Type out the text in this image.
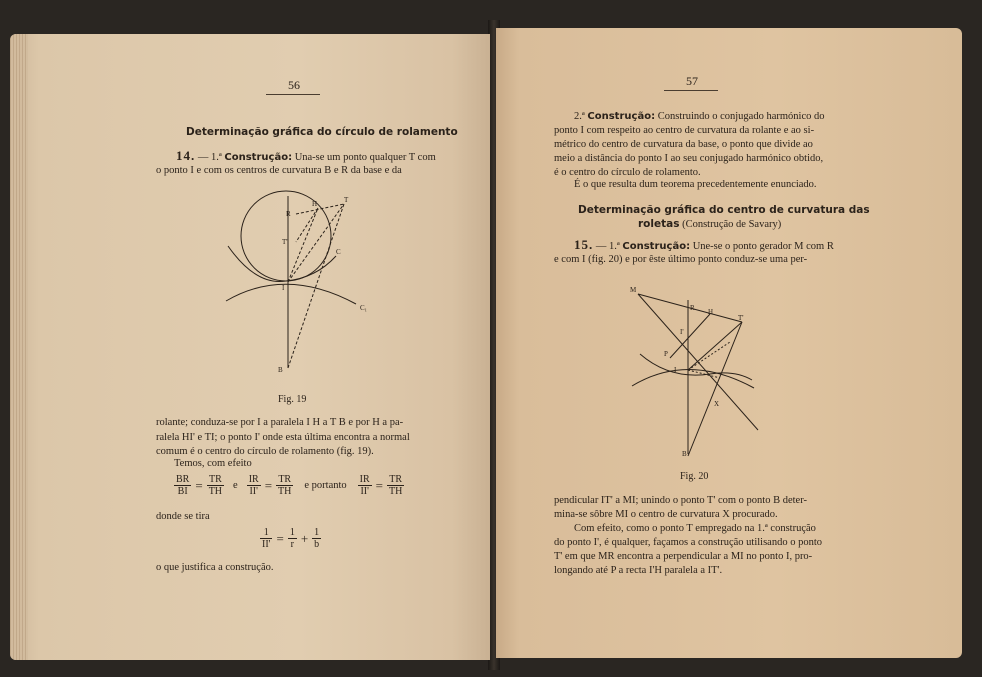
56
Determinação gráfica do círculo de rolamento
14. — 1.ª Construção: Una-se um ponto qualquer T com
o ponto I e com os centros de curvatura B e R da base e da
R
H	T
T'
C
I
C₁
B
Fig. 19
rolante; conduza-se por I a paralela I H a T B e por H a pa-
ralela HI' e TI; o ponto I' onde esta última encontra a normal
comum é o centro do círculo de rolamento (fig. 19).
Temos, com efeito
$\frac{BR}{BI} = \frac{TR}{TH}$ e $\frac{IR}{II'} = \frac{TR}{TH}$	e portanto	$\frac{IR}{II'} = \frac{TR}{TH}$
donde se tira
$\frac{1}{II'} = \frac{1}{r} + \frac{1}{b}$
o que justifica a construção.
57
2.ª Construção: Construindo o conjugado harmónico do
ponto I com respeito ao centro de curvatura da rolante e ao si-
métrico do centro de curvatura da base, o ponto que divide ao
meio a distância do ponto I ao seu conjugado harmónico obtido,
é o centro do círculo de rolamento.
É o que resulta dum teorema precedentemente enunciado.
Determinação gráfica do centro de curvatura das
roletas (Construção de Savary)
15. — 1.ª Construção: Une-se o ponto gerador M com R
e com I (fig. 20) e por êste último ponto conduz-se uma per-
M
R H
T'
I'
P
I
X
B
Fig. 20
pendicular IT' a MI; unindo o ponto T' com o ponto B deter-
mina-se sôbre MI o centro de curvatura X procurado.
Com efeito, como o ponto T empregado na 1.ª construção
do ponto I', é qualquer, façamos a construção utilisando o ponto
T' em que MR encontra a perpendicular a MI no ponto I, pro-
longando até P a recta I'H paralela a IT'.
